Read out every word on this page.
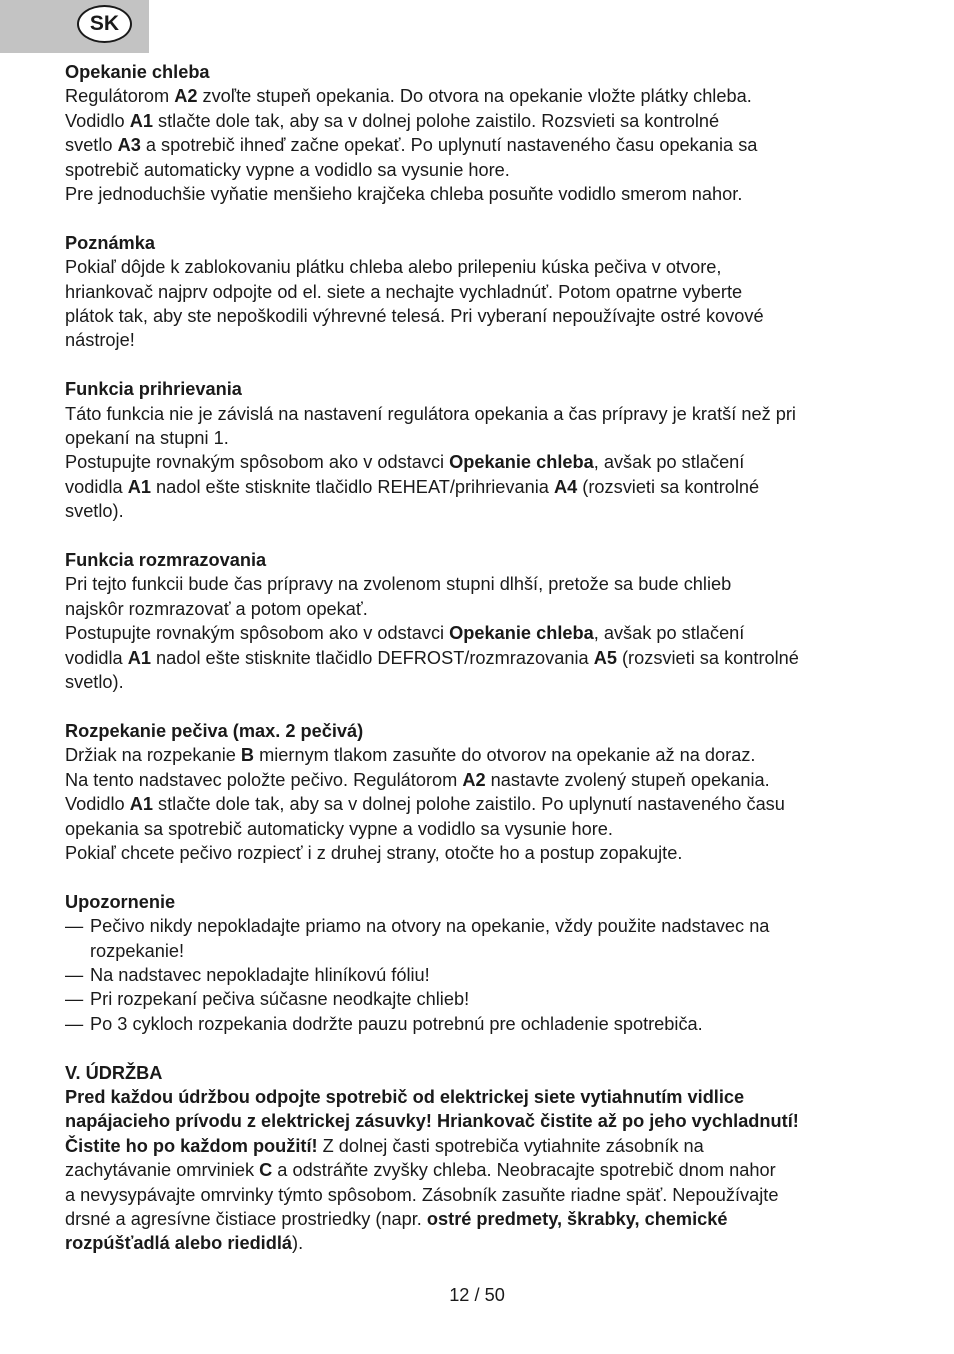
SK

Opekanie chleba

Regulátorom A2 zvoľte stupeň opekania. Do otvora na opekanie vložte plátky chleba.
Vodidlo A1 stlačte dole tak, aby sa v dolnej polohe zaistilo. Rozsvieti sa kontrolné
svetlo A3 a spotrebič ihneď začne opekať. Po uplynutí nastaveného času opekania sa
spotrebič automaticky vypne a vodidlo sa vysunie hore.

Pre jednoduchšie vyňatie menšieho krajčeka chleba posuňte vodidlo smerom nahor.

Poznámka

Pokiaľ dôjde k zablokovaniu plátku chleba alebo prilepeniu kúska pečiva v otvore,
hriankovač najprv odpojte od el. siete a nechajte vychladnúť. Potom opatrne vyberte
plátok tak, aby ste nepoškodili výhrevné telesá. Pri vyberaní nepoužívajte ostré kovové
nástroje!

Funkcia prihrievania

Táto funkcia nie je závislá na nastavení regulátora opekania a čas prípravy je kratší než pri
opekaní na stupni 1.

Postupujte rovnakým spôsobom ako v odstavci Opekanie chleba, avšak po stlačení
vodidla A1 nadol ešte stisknite tlačidlo REHEAT/prihrievania A4 (rozsvieti sa kontrolné
svetlo).

Funkcia rozmrazovania

Pri tejto funkcii bude čas prípravy na zvolenom stupni dlhší, pretože sa bude chlieb
najskôr rozmrazovať a potom opekať.

Postupujte rovnakým spôsobom ako v odstavci Opekanie chleba, avšak po stlačení
vodidla A1 nadol ešte stisknite tlačidlo DEFROST/rozmrazovania A5 (rozsvieti sa kontrolné
svetlo).

Rozpekanie pečiva (max. 2 pečivá)

Držiak na rozpekanie B miernym tlakom zasuňte do otvorov na opekanie až na doraz.
Na tento nadstavec položte pečivo. Regulátorom A2 nastavte zvolený stupeň opekania.
Vodidlo A1 stlačte dole tak, aby sa v dolnej polohe zaistilo. Po uplynutí nastaveného času
opekania sa spotrebič automaticky vypne a vodidlo sa vysunie hore.
Pokiaľ chcete pečivo rozpiecť i z druhej strany, otočte ho a postup zopakujte.

Upozornenie

— Pečivo nikdy nepokladajte priamo na otvory na opekanie, vždy použite nadstavec na
rozpekanie!
— Na nadstavec nepokladajte hliníkovú fóliu!
— Pri rozpekaní pečiva súčasne neodkajte chlieb!
— Po 3 cykloch rozpekania dodržte pauzu potrebnú pre ochladenie spotrebiča.

V. ÚDRŽBA

Pred každou údržbou odpojte spotrebič od elektrickej siete vytiahnutím vidlice
napájacieho prívodu z elektrickej zásuvky! Hriankovač čistite až po jeho vychladnutí!
Čistite ho po každom použití! Z dolnej časti spotrebiča vytiahnite zásobník na
zachytávanie omrviniek C a odstráňte zvyšky chleba. Neobracajte spotrebič dnom nahor
a nevysypávajte omrvinky týmto spôsobom. Zásobník zasuňte riadne späť. Nepoužívajte
drsné a agresívne čistiace prostriedky (napr. ostré predmety, škrabky, chemické
rozpúšťadlá alebo riedidlá).

12 / 50
